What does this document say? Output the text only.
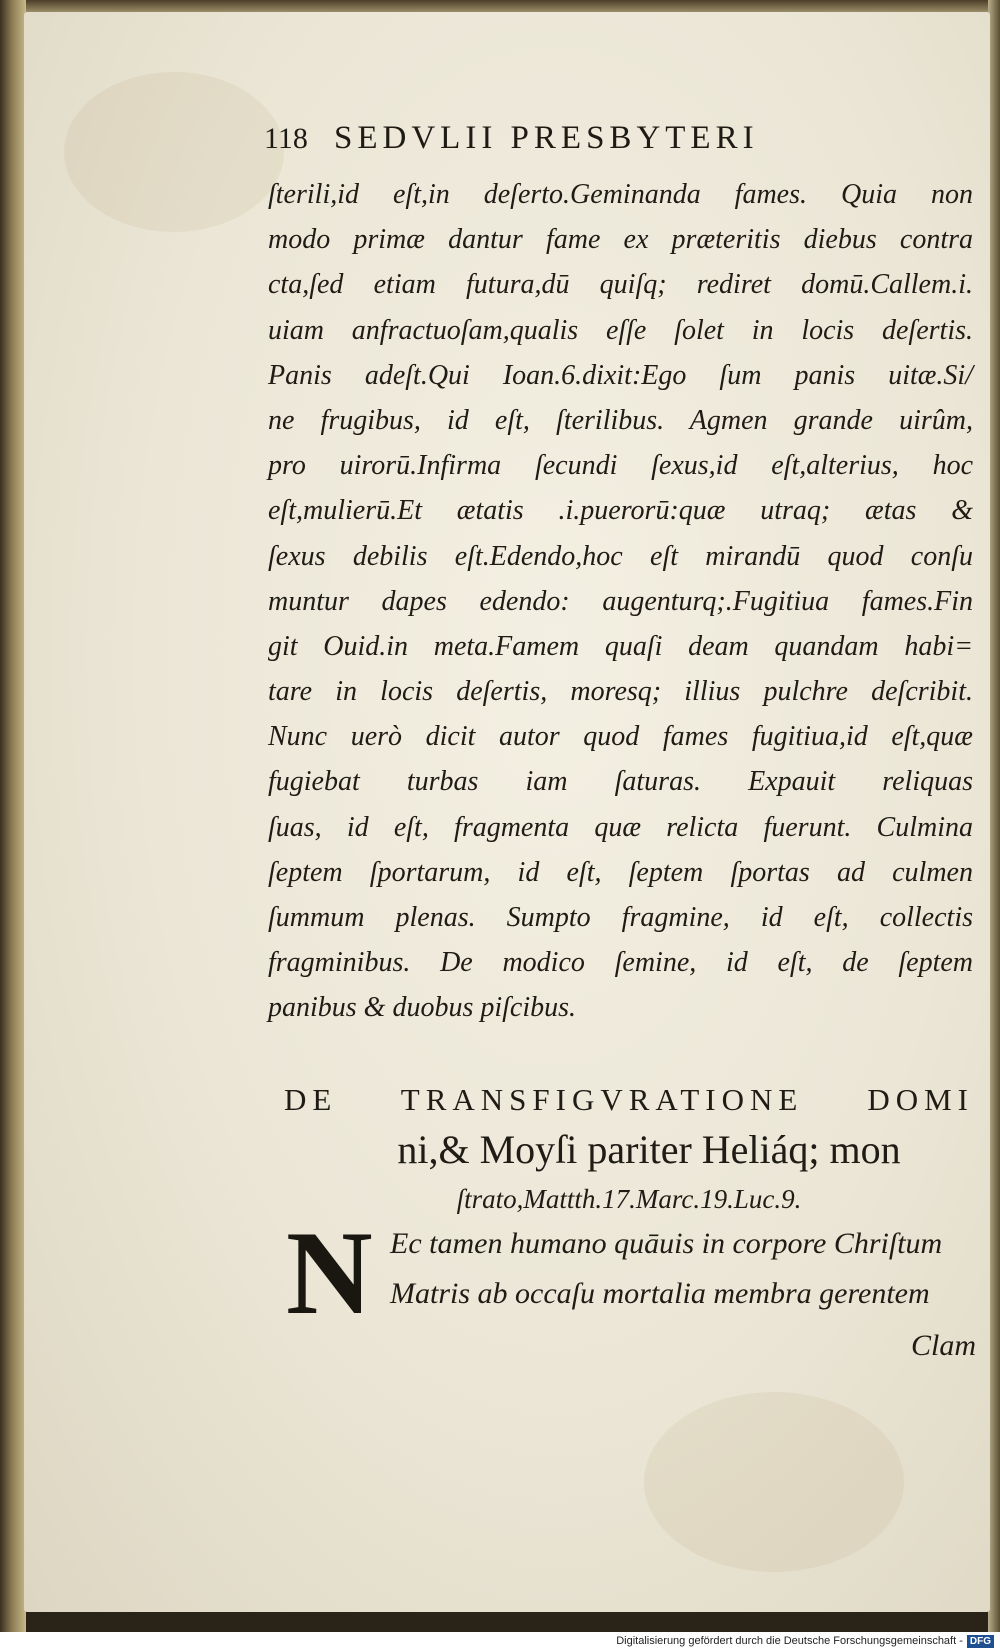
118 SEDVLII PRESBYTERI
ſterili,id eſt,in deſerto.Geminanda fames. Quia non
modo primæ dantur fame ex præteritis diebus contra
cta,ſed etiam futura,dū quiſq; rediret domū.Callem.i.
uiam anfractuoſam,qualis eſſe ſolet in locis deſertis.
Panis adeſt.Qui Ioan.6.dixit:Ego ſum panis uitæ.Si/
ne frugibus, id eſt, ſterilibus. Agmen grande uirûm,
pro uirorū.Infirma ſecundi ſexus,id eſt,alterius, hoc
eſt,mulierū.Et ætatis .i.puerorū:quæ utraq; ætas &
ſexus debilis eſt.Edendo,hoc eſt mirandū quod conſu
muntur dapes edendo: augenturq;.Fugitiua fames.Fin
git Ouid.in meta.Famem quaſi deam quandam habi=
tare in locis deſertis, moresq; illius pulchre deſcribit.
Nunc uerò dicit autor quod fames fugitiua,id eſt,quæ
fugiebat turbas iam ſaturas. Expauit reliquas
ſuas, id eſt, fragmenta quæ relicta fuerunt. Culmina
ſeptem ſportarum, id eſt, ſeptem ſportas ad culmen
ſummum plenas. Sumpto fragmine, id eſt, collectis
fragminibus. De modico ſemine, id eſt, de ſeptem
panibus & duobus piſcibus.
DE TRANSFIGVRATIONE DOMI
ni,& Moyſi pariter Heliáq; mon
ſtrato,Mattth.17.Marc.19.Luc.9.
N Ec tamen humano quāuis in corpore Chriſtum
Matris ab occaſu mortalia membra gerentem
Clam
Digitalisierung gefördert durch die Deutsche Forschungsgemeinschaft - DFG
